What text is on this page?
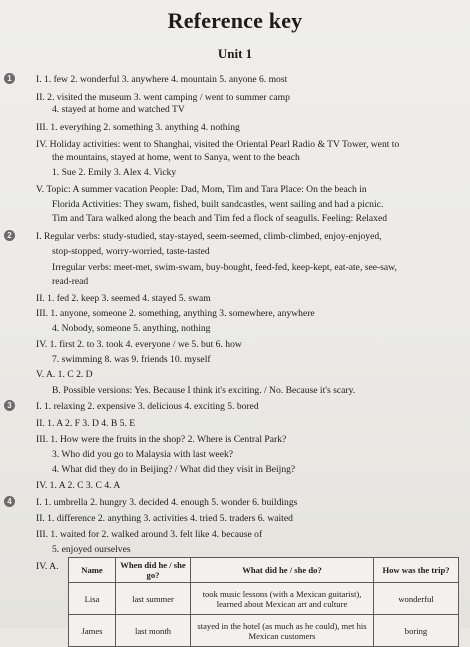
Reference key
Unit 1
1	I. 1. few 2. wonderful 3. anywhere 4. mountain 5. anyone 6. most
II. 2. visited the museum 3. went camping / went to summer camp
4. stayed at home and watched TV
III. 1. everything 2. something 3. anything 4. nothing
IV. Holiday activities: went to Shanghai, visited the Oriental Pearl Radio & TV Tower, went to
the mountains, stayed at home, went to Sanya, went to the beach
1. Sue 2. Emily 3. Alex 4. Vicky
V. Topic: A summer vacation People: Dad, Mom, Tim and Tara Place: On the beach in
Florida Activities: They swam, fished, built sandcastles, went sailing and had a picnic.
Tim and Tara walked along the beach and Tim fed a flock of seagulls. Feeling: Relaxed
2	I. Regular verbs: study-studied, stay-stayed, seem-seemed, climb-climbed, enjoy-enjoyed,
stop-stopped, worry-worried, taste-tasted
Irregular verbs: meet-met, swim-swam, buy-bought, feed-fed, keep-kept, eat-ate, see-saw,
read-read
II. 1. fed 2. keep 3. seemed 4. stayed 5. swam
III. 1. anyone, someone 2. something, anything 3. somewhere, anywhere
4. Nobody, someone 5. anything, nothing
IV. 1. first 2. to 3. took 4. everyone / we 5. but 6. how
7. swimming 8. was 9. friends 10. myself
V. A. 1. C 2. D
B. Possible versions: Yes. Because I think it's exciting. / No. Because it's scary.
3	I. 1. relaxing 2. expensive 3. delicious 4. exciting 5. bored
II. 1. A 2. F 3. D 4. B 5. E
III. 1. How were the fruits in the shop? 2. Where is Central Park?
3. Who did you go to Malaysia with last week?
4. What did they do in Beijing? / What did they visit in Beijng?
IV. 1. A 2. C 3. C 4. A
4	I. 1. umbrella 2. hungry 3. decided 4. enough 5. wonder 6. buildings
II. 1. difference 2. anything 3. activities 4. tried 5. traders 6. waited
III. 1. waited for 2. walked around 3. felt like 4. because of
5. enjoyed ourselves
IV. A.	Name	When did he / she go?	What did he / she do?	How was the trip?
Lisa	last summer	took music lessons (with a Mexican guitarist), learned about Mexican art and culture	wonderful
James	last month	stayed in the hotel (as much as he could), met his Mexican customers	boring
